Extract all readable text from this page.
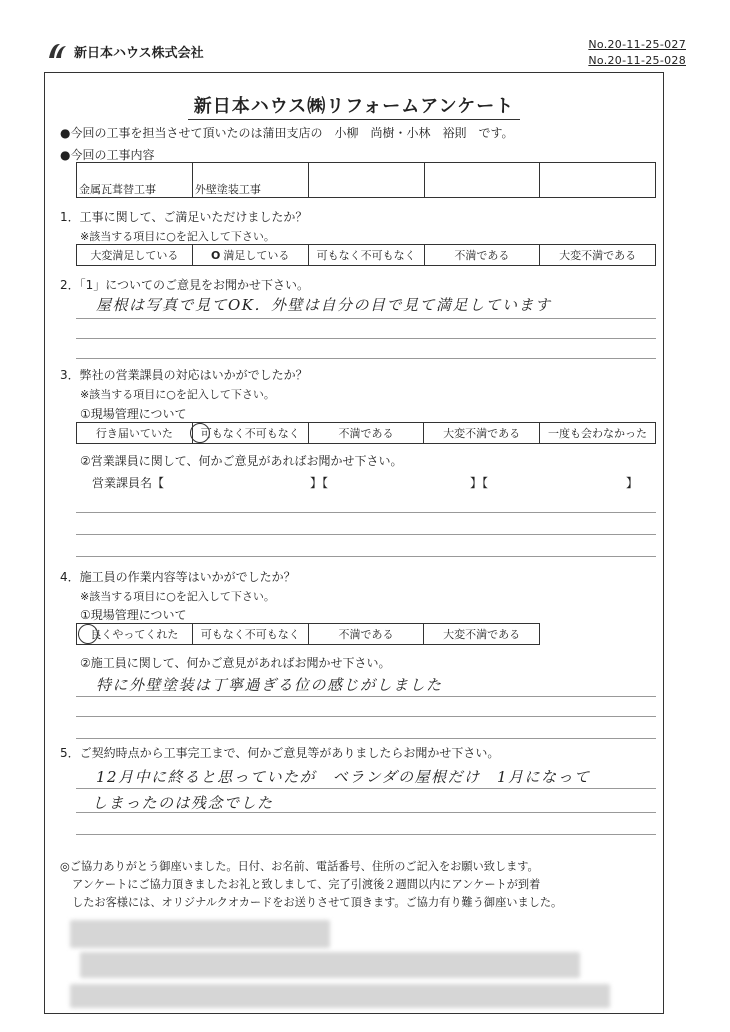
新日本ハウス株式会社
No.20-11-25-027
No.20-11-25-028
新日本ハウス㈱リフォームアンケート
●今回の工事を担当させて頂いたのは蒲田支店の　小柳　尚樹・小林　裕則　です。
●今回の工事内容
金属瓦葺替工事	外壁塗装工事			
1．工事に関して、ご満足いただけましたか？
※該当する項目に○を記入して下さい。
大変満足している	O 満足している	可もなく不可もなく	不満である	大変不満である
2．「1」についてのご意見をお聞かせ下さい。
屋根は写真で見てOK．外壁は自分の目で見て満足しています
3．弊社の営業課員の対応はいかがでしたか？
※該当する項目に○を記入して下さい。
①現場管理について
行き届いていた	可もなく不可もなく	不満である	大変不満である	一度も会わなかった
②営業課員に関して、何かご意見があればお聞かせ下さい。
営業課員名【	】【	】【	】
4．施工員の作業内容等はいかがでしたか？
※該当する項目に○を記入して下さい。
①現場管理について
良くやってくれた	可もなく不可もなく	不満である	大変不満である
②施工員に関して、何かご意見があればお聞かせ下さい。
特に外壁塗装は丁寧過ぎる位の感じがしました
5．ご契約時点から工事完工まで、何かご意見等がありましたらお聞かせ下さい。
12月中に終ると思っていたが　ベランダの屋根だけ　1月になって
しまったのは残念でした
◎ご協力ありがとう御座いました。日付、お名前、電話番号、住所のご記入をお願い致します。
アンケートにご協力頂きましたお礼と致しまして、完了引渡後２週間以内にアンケートが到着
したお客様には、オリジナルクオカードをお送りさせて頂きます。ご協力有り難う御座いました。
